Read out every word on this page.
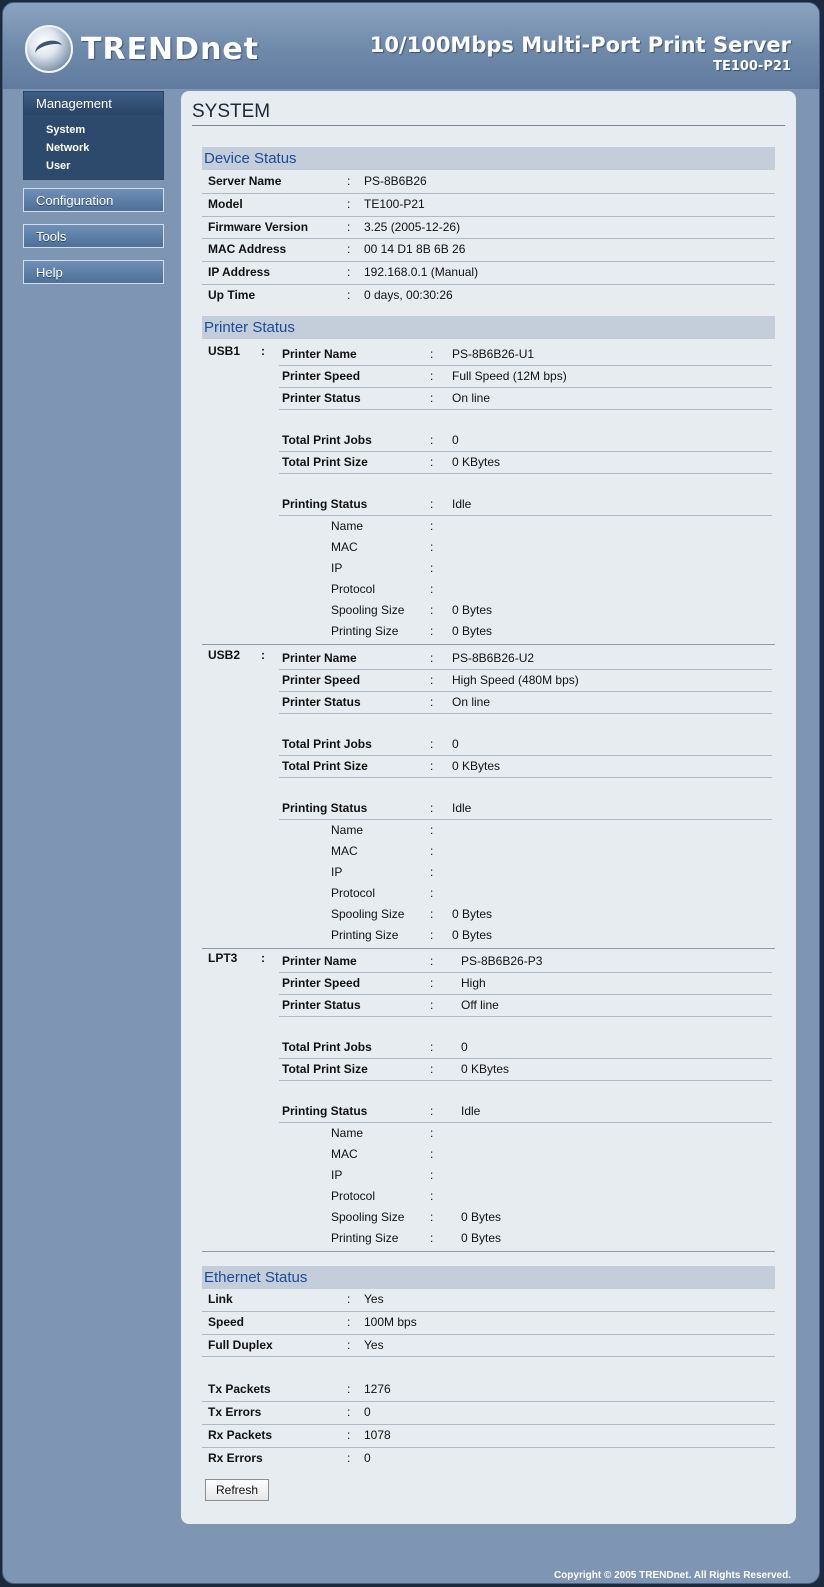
TRENDnet	10/100Mbps Multi-Port Print Server
TE100-P21
Management
System
Network
User
Configuration
Tools
Help
SYSTEM
Device Status
Server Name	: PS-8B6B26
Model	: TE100-P21
Firmware Version	: 3.25 (2005-12-26)
MAC Address	: 00 14 D1 8B 6B 26
IP Address	: 192.168.0.1 (Manual)
Up Time	: 0 days, 00:30:26
Printer Status
USB1 : Printer Name	: PS-8B6B26-U1
Printer Speed	: Full Speed (12M bps)
Printer Status	: On line
Total Print Jobs	: 0
Total Print Size	: 0 KBytes
Printing Status	: Idle
Name	:
MAC	:
IP	:
Protocol	:
Spooling Size : 0 Bytes
Printing Size	: 0 Bytes
USB2 : Printer Name	: PS-8B6B26-U2
Printer Speed	: High Speed (480M bps)
Printer Status	: On line
Total Print Jobs	: 0
Total Print Size	: 0 KBytes
Printing Status	: Idle
Name	:
MAC	:
IP	:
Protocol	:
Spooling Size : 0 Bytes
Printing Size	: 0 Bytes
LPT3 : Printer Name	: PS-8B6B26-P3
Printer Speed	: High
Printer Status	: Off line
Total Print Jobs	: 0
Total Print Size	: 0 KBytes
Printing Status	: Idle
Name	:
MAC	:
IP	:
Protocol	:
Spooling Size : 0 Bytes
Printing Size	: 0 Bytes
Ethernet Status
Link	: Yes
Speed	: 100M bps
Full Duplex	: Yes
Tx Packets	: 1276
Tx Errors	: 0
Rx Packets	: 1078
Rx Errors	: 0
Refresh
Copyright © 2005 TRENDnet. All Rights Reserved.
